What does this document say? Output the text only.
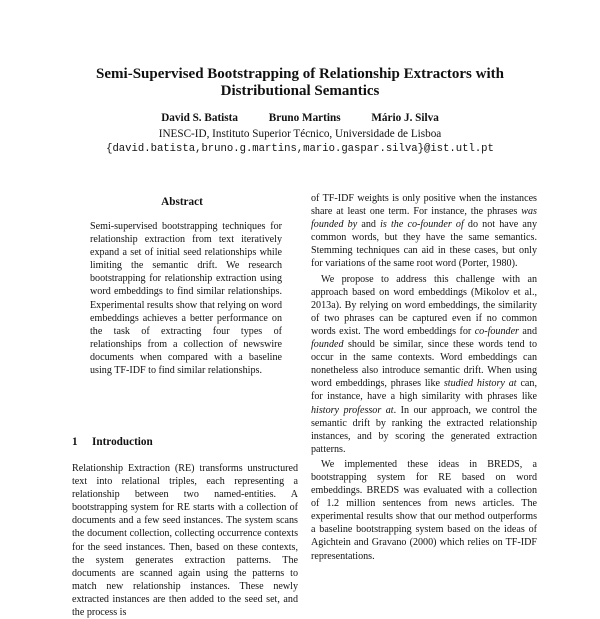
Semi-Supervised Bootstrapping of Relationship Extractors with
Distributional Semantics
David S. Batista	Bruno Martins	Mário J. Silva
INESC-ID, Instituto Superior Técnico, Universidade de Lisboa
{david.batista,bruno.g.martins,mario.gaspar.silva}@ist.utl.pt
Abstract

Semi-supervised bootstrapping techniques for relationship extraction from text iteratively expand a set of initial seed relationships while limiting the semantic drift. We research bootstrapping for relationship extraction using word embeddings to find similar relationships. Experimental results show that relying on word embeddings achieves a better performance on the task of extracting four types of relationships from a collection of newswire documents when compared with a baseline using TF-IDF to find similar relationships.

1 Introduction

Relationship Extraction (RE) transforms unstructured text into relational triples, each representing a relationship between two named-entities. A bootstrapping system for RE starts with a collection of documents and a few seed instances. The system scans the document collection, collecting occurrence contexts for the seed instances. Then, based on these contexts, the system generates extraction patterns. The documents are scanned again using the patterns to match new relationship instances. These newly extracted instances are then added to the seed set, and the process is

of TF-IDF weights is only positive when the instances share at least one term. For instance, the phrases was founded by and is the co-founder of do not have any common words, but they have the same semantics. Stemming techniques can aid in these cases, but only for variations of the same root word (Porter, 1980).

We propose to address this challenge with an approach based on word embeddings (Mikolov et al., 2013a). By relying on word embeddings, the similarity of two phrases can be captured even if no common words exist. The word embeddings for co-founder and founded should be similar, since these words tend to occur in the same contexts. Word embeddings can nonetheless also introduce semantic drift. When using word embeddings, phrases like studied history at can, for instance, have a high similarity with phrases like history professor at. In our approach, we control the semantic drift by ranking the extracted relationship instances, and by scoring the generated extraction patterns.

We implemented these ideas in BREDS, a bootstrapping system for RE based on word embeddings. BREDS was evaluated with a collection of 1.2 million sentences from news articles. The experimental results show that our method outperforms a baseline bootstrapping system based on the ideas of Agichtein and Gravano (2000) which relies on TF-IDF representations.
